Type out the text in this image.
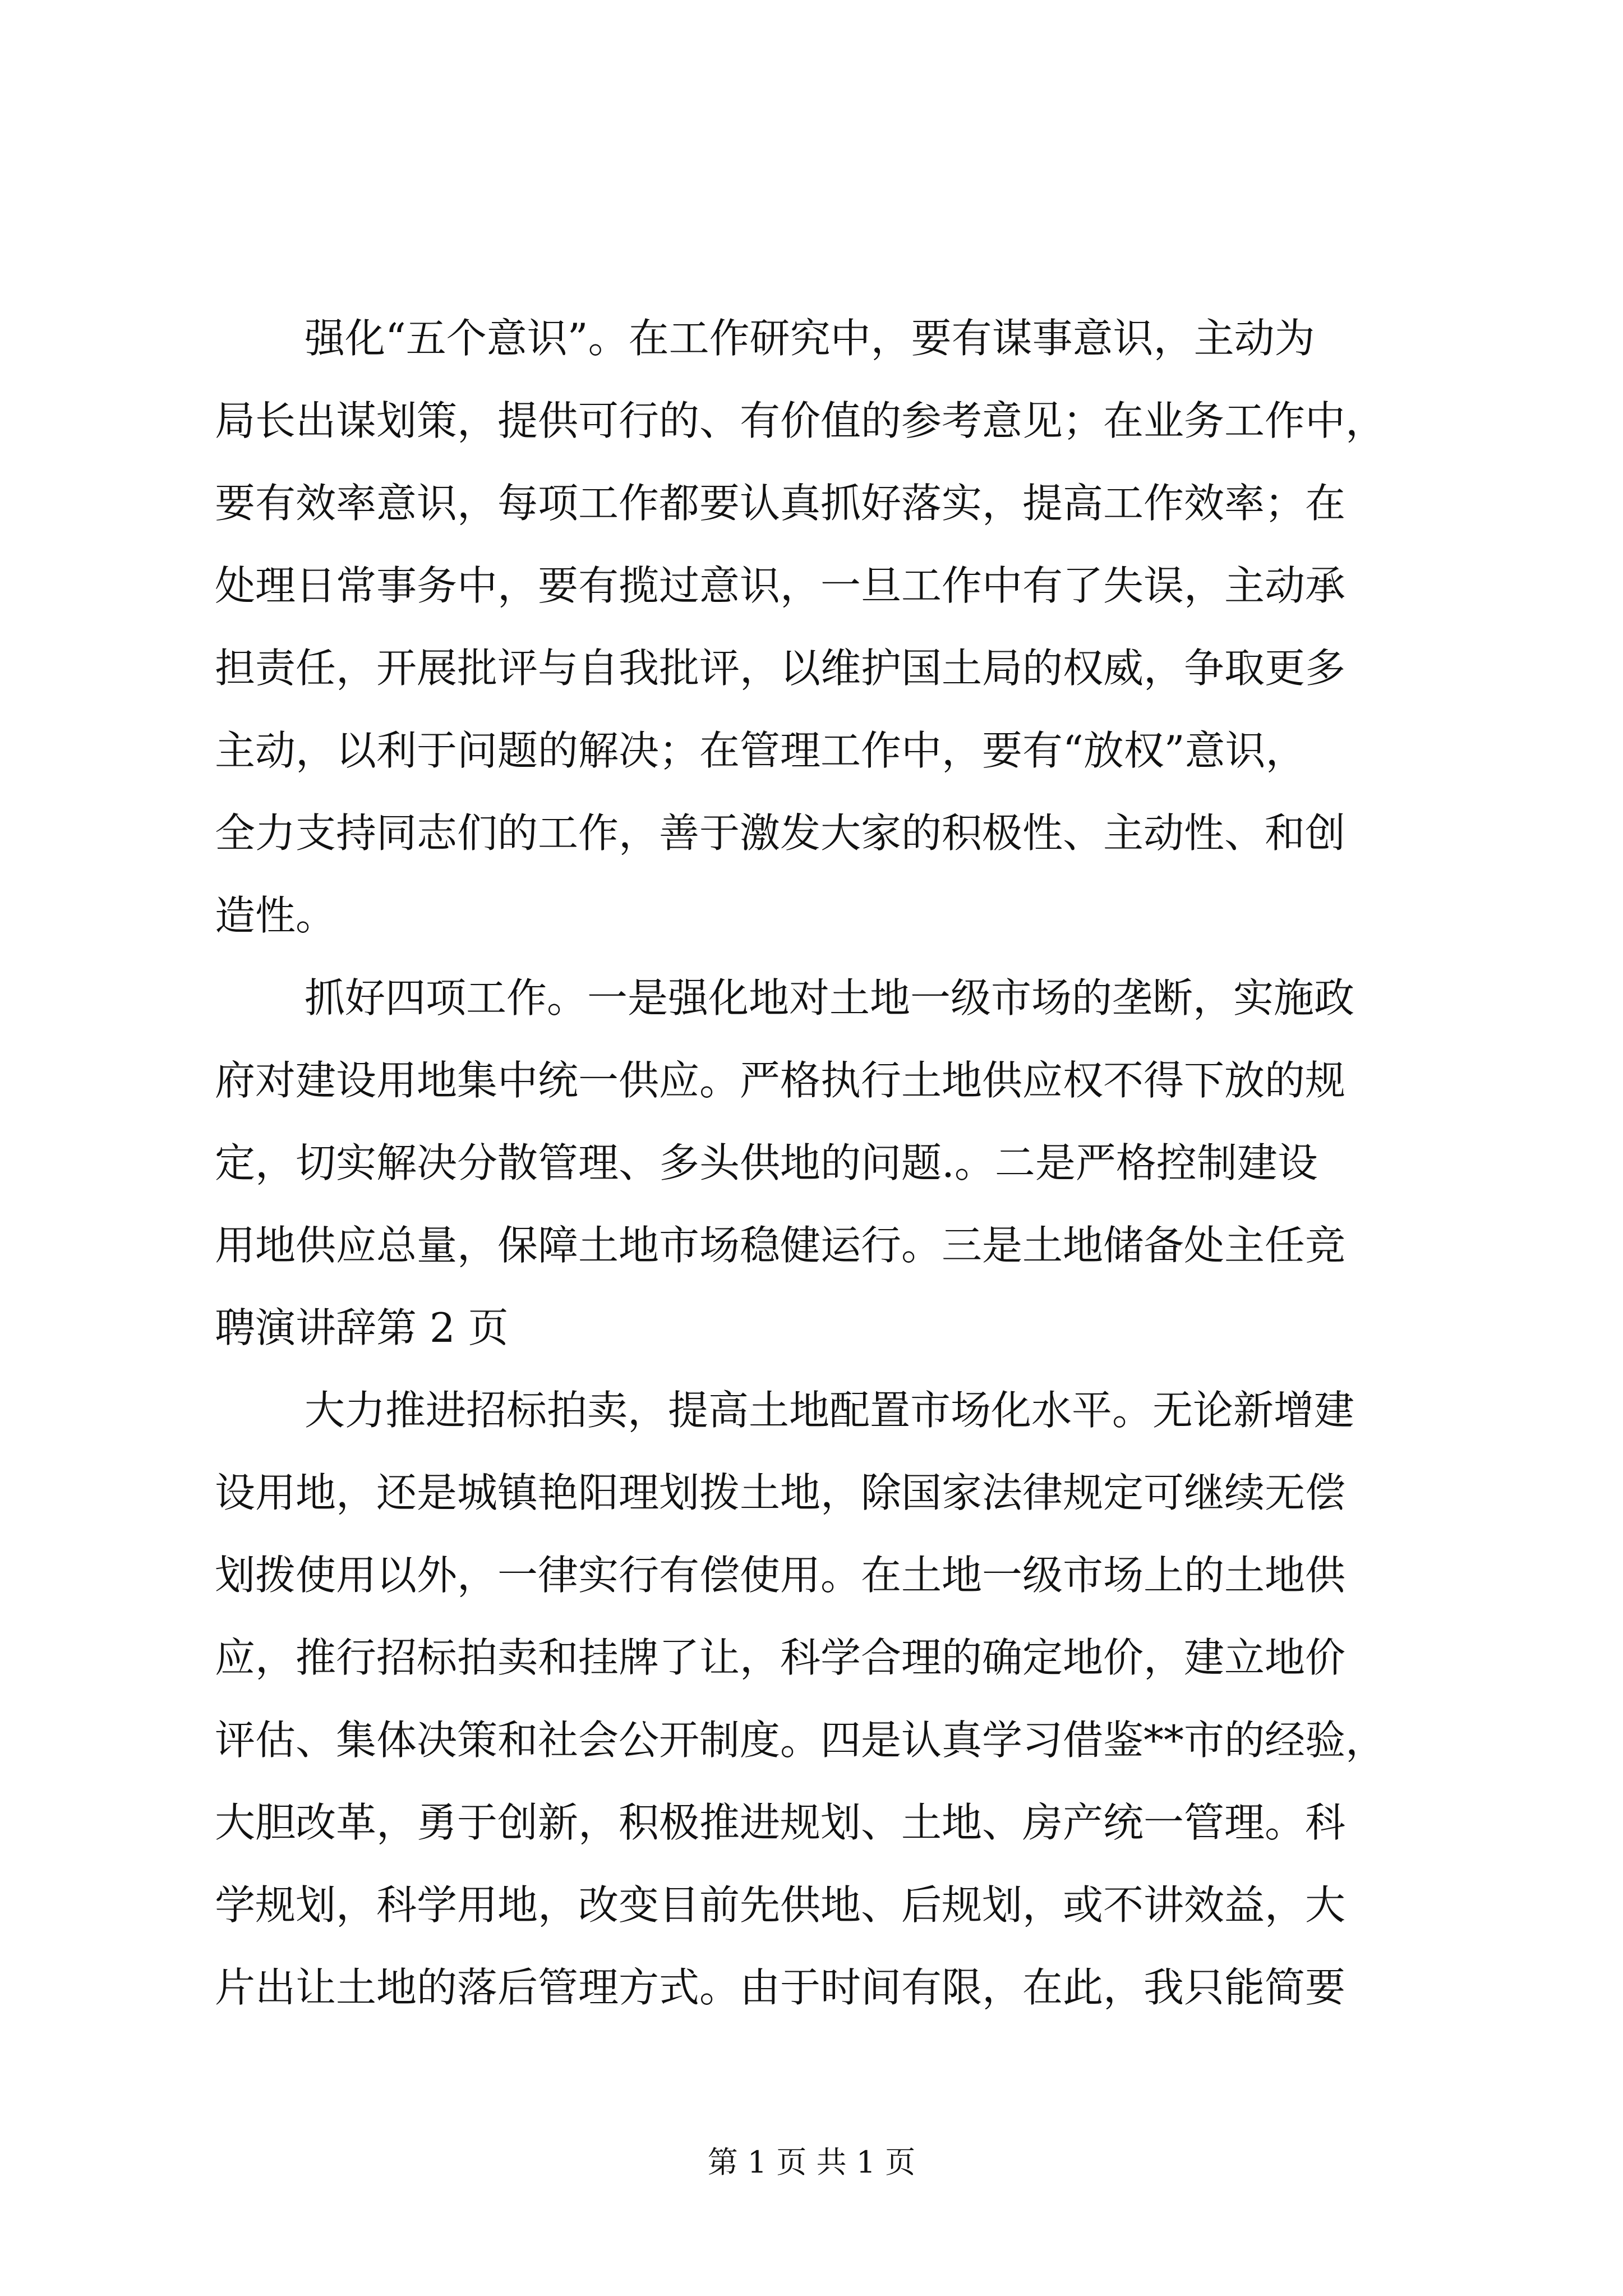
强化“五个意识”。在工作研究中，要有谋事意识，主动为
局长出谋划策，提供可行的、有价值的参考意见；在业务工作中，
要有效率意识，每项工作都要认真抓好落实，提高工作效率；在
处理日常事务中，要有揽过意识，一旦工作中有了失误，主动承
担责任，开展批评与自我批评，以维护国土局的权威，争取更多
主动，以利于问题的解决；在管理工作中，要有“放权”意识，
全力支持同志们的工作，善于激发大家的积极性、主动性、和创
造性。
抓好四项工作。一是强化地对土地一级市场的垄断，实施政
府对建设用地集中统一供应。严格执行土地供应权不得下放的规
定，切实解决分散管理、多头供地的问题.。二是严格控制建设
用地供应总量，保障土地市场稳健运行。三是土地储备处主任竞
聘演讲辞第 2 页
大力推进招标拍卖，提高土地配置市场化水平。无论新增建
设用地，还是城镇艳阳理划拨土地，除国家法律规定可继续无偿
划拨使用以外，一律实行有偿使用。在土地一级市场上的土地供
应，推行招标拍卖和挂牌了让，科学合理的确定地价，建立地价
评估、集体决策和社会公开制度。四是认真学习借鉴**市的经验，
大胆改革，勇于创新，积极推进规划、土地、房产统一管理。科
学规划，科学用地，改变目前先供地、后规划，或不讲效益，大
片出让土地的落后管理方式。由于时间有限，在此，我只能简要
第 1 页 共 1 页
